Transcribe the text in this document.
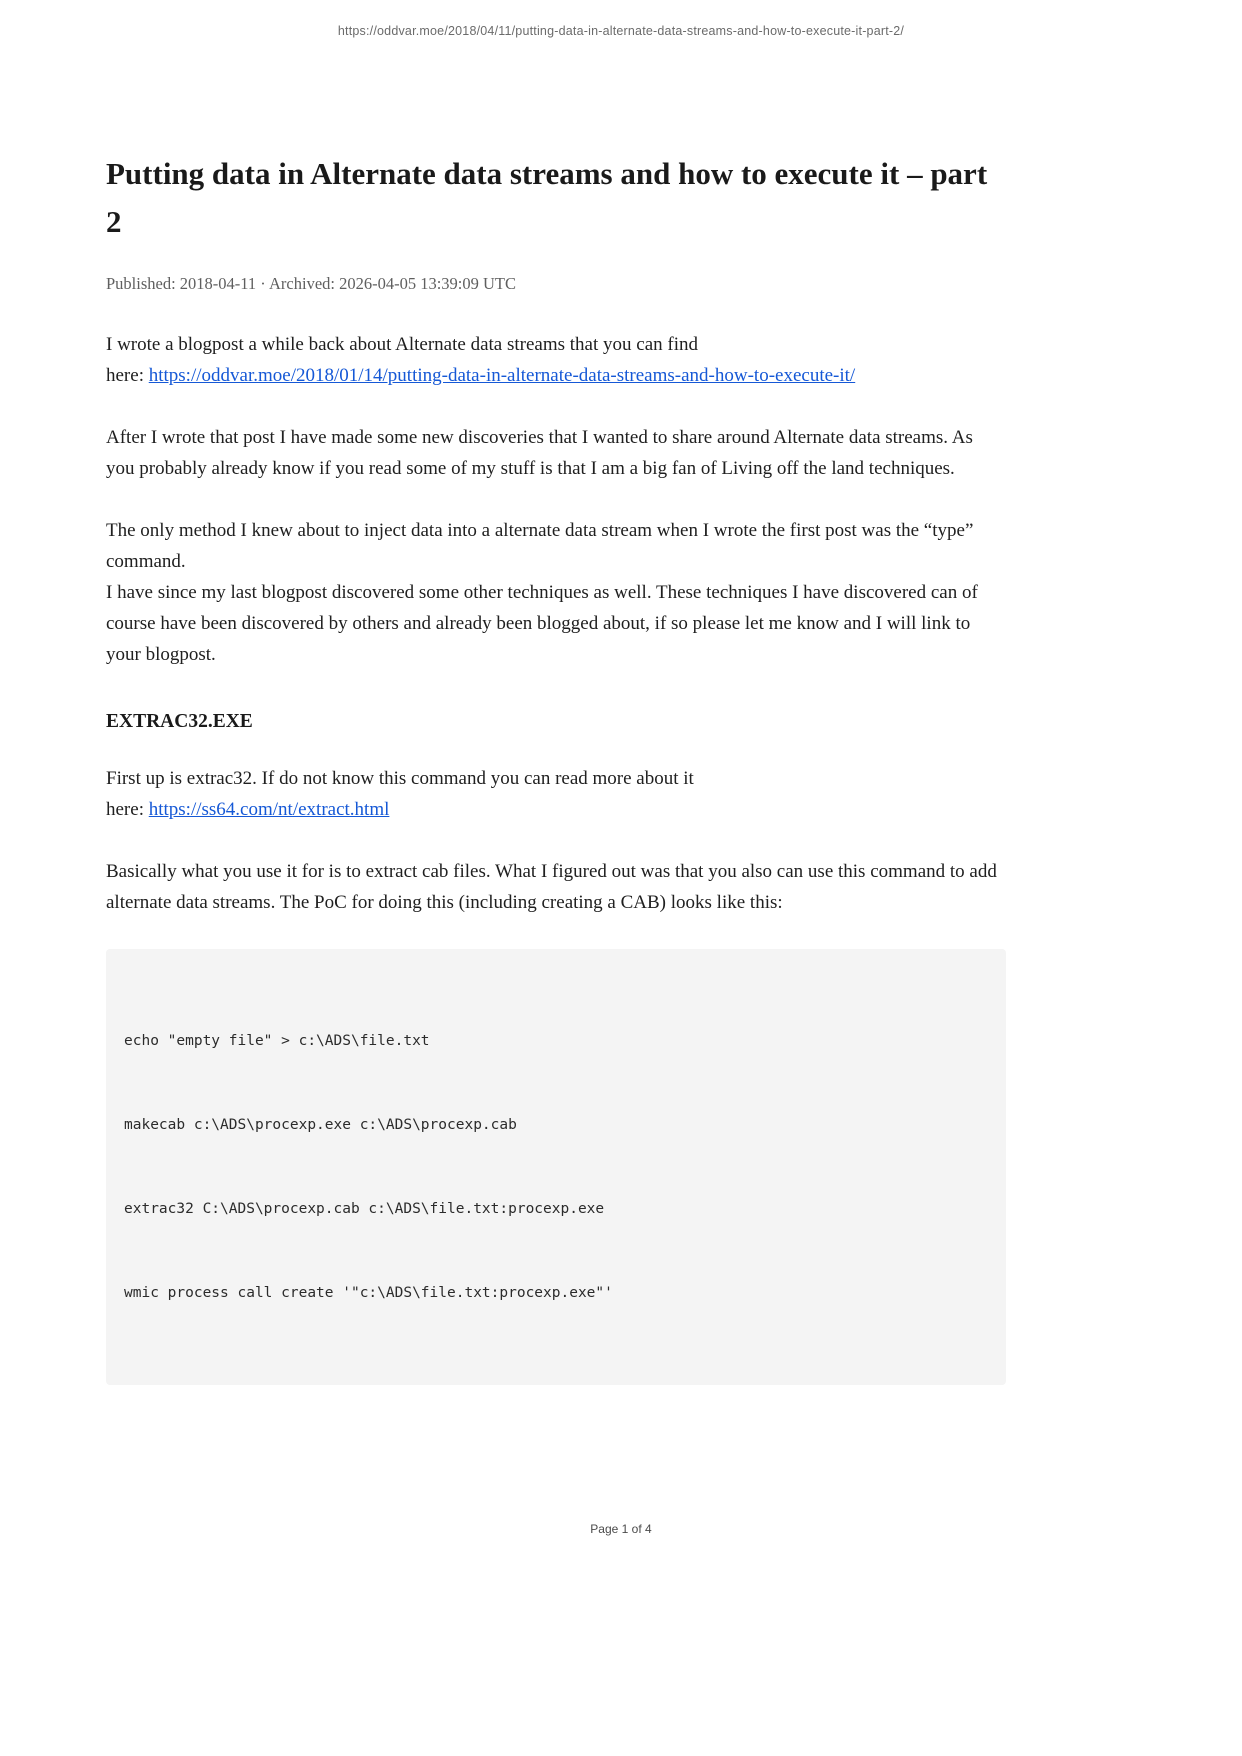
https://oddvar.moe/2018/04/11/putting-data-in-alternate-data-streams-and-how-to-execute-it-part-2/
Putting data in Alternate data streams and how to execute it – part 2

Published: 2018-04-11 · Archived: 2026-04-05 13:39:09 UTC

I wrote a blogpost a while back about Alternate data streams that you can find
here: https://oddvar.moe/2018/01/14/putting-data-in-alternate-data-streams-and-how-to-execute-it/

After I wrote that post I have made some new discoveries that I wanted to share around Alternate data streams. As you probably already know if you read some of my stuff is that I am a big fan of Living off the land techniques.

The only method I knew about to inject data into a alternate data stream when I wrote the first post was the “type” command.
I have since my last blogpost discovered some other techniques as well. These techniques I have discovered can of course have been discovered by others and already been blogged about, if so please let me know and I will link to your blogpost.

EXTRAC32.EXE

First up is extrac32. If do not know this command you can read more about it
here: https://ss64.com/nt/extract.html

Basically what you use it for is to extract cab files. What I figured out was that you also can use this command to add alternate data streams. The PoC for doing this (including creating a CAB) looks like this:

echo "empty file" > c:\ADS\file.txt

makecab c:\ADS\procexp.exe c:\ADS\procexp.cab

extrac32 C:\ADS\procexp.cab c:\ADS\file.txt:procexp.exe

wmic process call create '"c:\ADS\file.txt:procexp.exe"'

Page 1 of 4
